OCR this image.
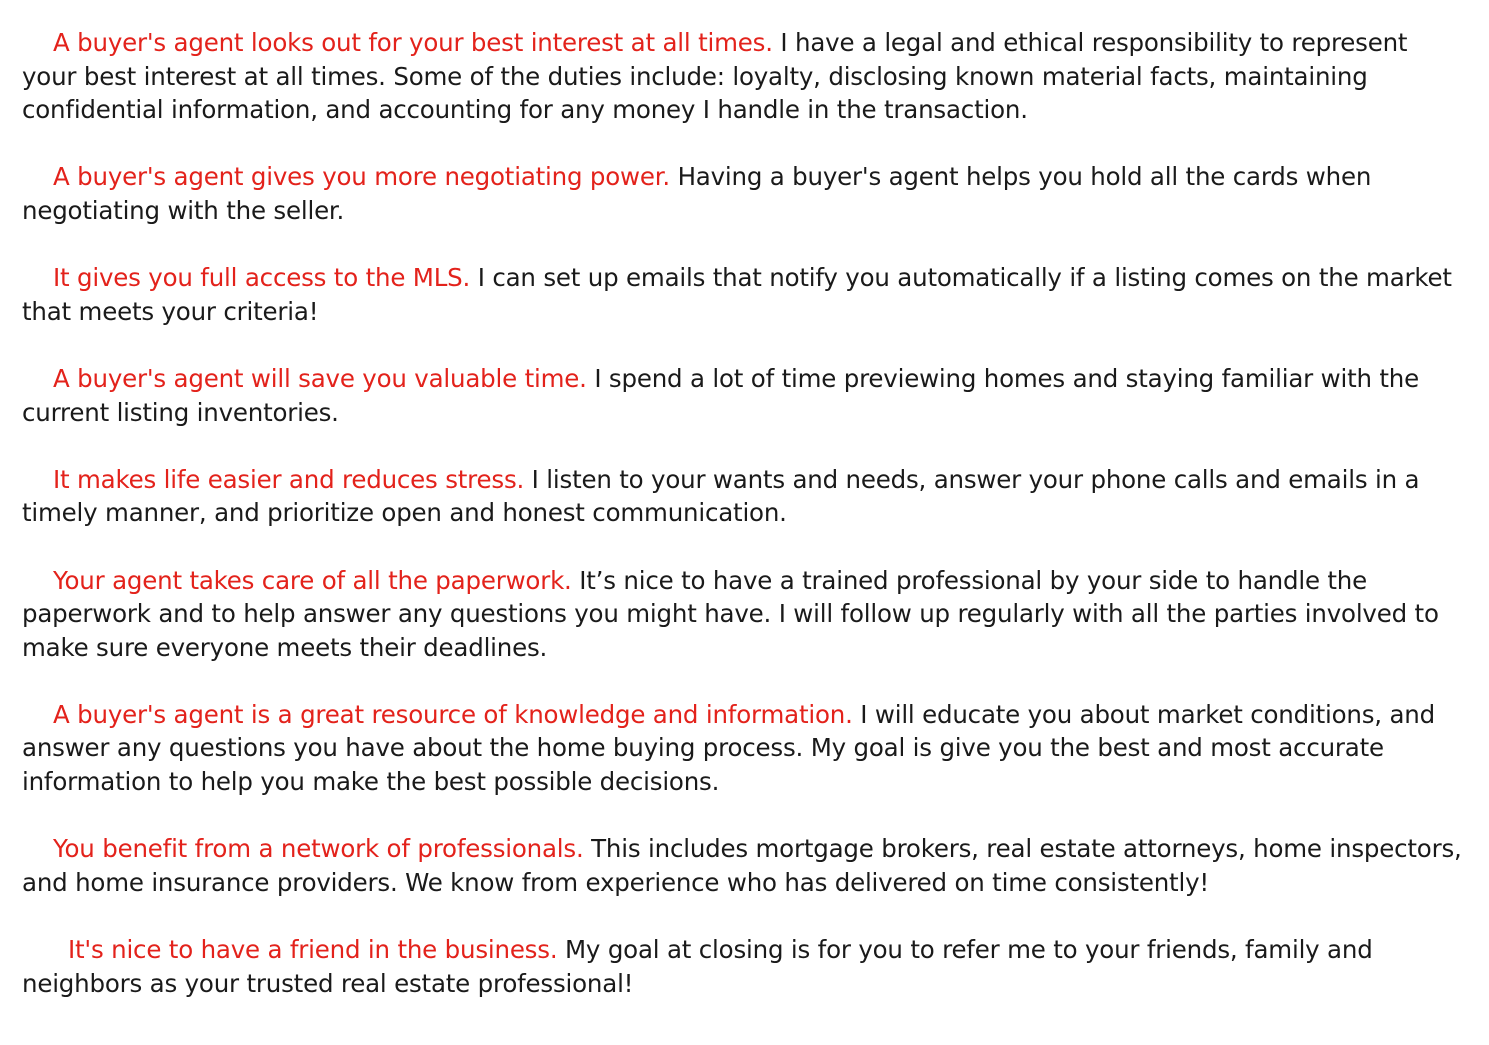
A buyer's agent looks out for your best interest at all times. I have a legal and ethical responsibility to represent your best interest at all times. Some of the duties include: loyalty, disclosing known material facts, maintaining confidential information, and accounting for any money I handle in the transaction.

A buyer's agent gives you more negotiating power. Having a buyer's agent helps you hold all the cards when negotiating with the seller.

It gives you full access to the MLS. I can set up emails that notify you automatically if a listing comes on the market that meets your criteria!

A buyer's agent will save you valuable time. I spend a lot of time previewing homes and staying familiar with the current listing inventories.

It makes life easier and reduces stress. I listen to your wants and needs, answer your phone calls and emails in a timely manner, and prioritize open and honest communication.

Your agent takes care of all the paperwork. It’s nice to have a trained professional by your side to handle the paperwork and to help answer any questions you might have. I will follow up regularly with all the parties involved to make sure everyone meets their deadlines.

A buyer's agent is a great resource of knowledge and information. I will educate you about market conditions, and answer any questions you have about the home buying process. My goal is give you the best and most accurate information to help you make the best possible decisions.

You benefit from a network of professionals. This includes mortgage brokers, real estate attorneys, home inspectors, and home insurance providers. We know from experience who has delivered on time consistently!

It's nice to have a friend in the business. My goal at closing is for you to refer me to your friends, family and neighbors as your trusted real estate professional!
